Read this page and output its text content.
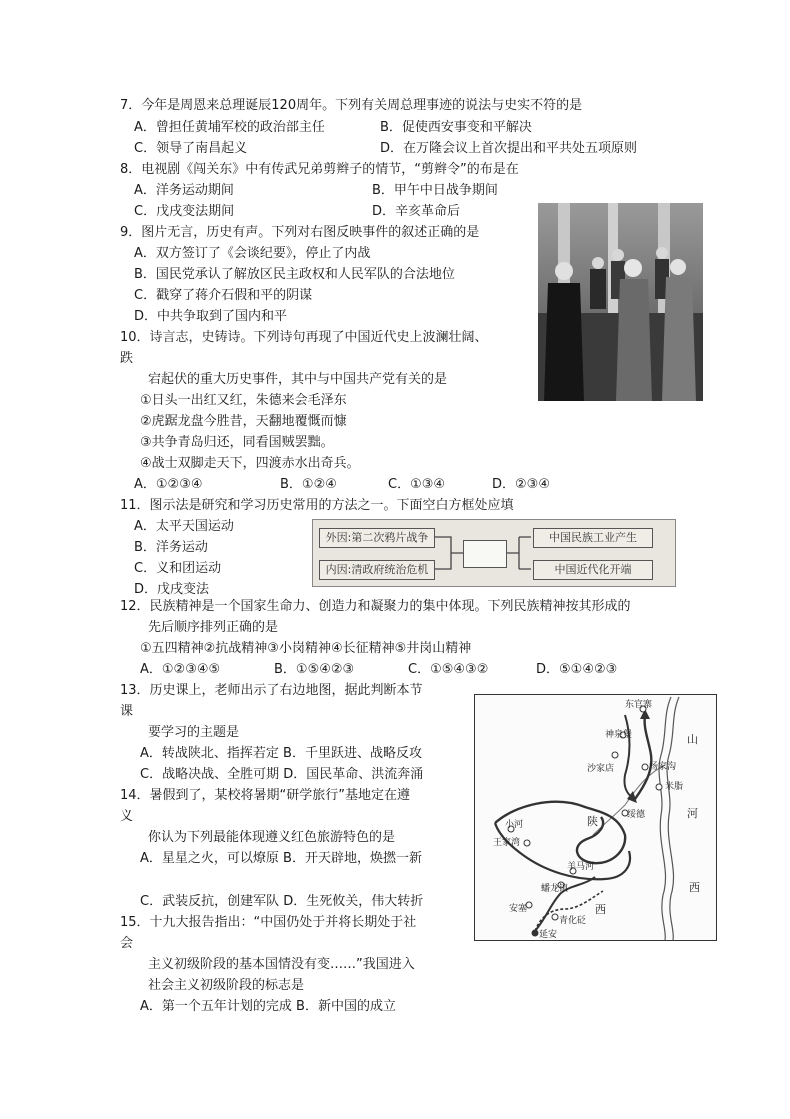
7．今年是周恩来总理诞辰120周年。下列有关周总理事迹的说法与史实不符的是
A．曾担任黄埔军校的政治部主任	B．促使西安事变和平解决
C．领导了南昌起义	D．在万隆会议上首次提出和平共处五项原则
8．电视剧《闯关东》中有传武兄弟剪辫子的情节，“剪辫令”的布是在
A．洋务运动期间	B．甲午中日战争期间
C．戊戌变法期间	D．辛亥革命后
9．图片无言，历史有声。下列对右图反映事件的叙述正确的是
A．双方签订了《会谈纪要》，停止了内战
B．国民党承认了解放区民主政权和人民军队的合法地位
C．戳穿了蒋介石假和平的阴谋
D．中共争取到了国内和平
10．诗言志，史铸诗。下列诗句再现了中国近代史上波澜壮阔、
跌
宕起伏的重大历史事件，其中与中国共产党有关的是
①日头一出红又红，朱德来会毛泽东
②虎踞龙盘今胜昔，天翻地覆慨而慷
③共争青岛归还，同看国贼罢黜。
④战士双脚走天下，四渡赤水出奇兵。
A．①②③④	B．①②④	C．①③④	D．②③④
11．图示法是研究和学习历史常用的方法之一。下面空白方框处应填
A．太平天国运动
B．洋务运动
C．义和团运动
D．戊戌变法
外因:第二次鸦片战争
内因:清政府统治危机
中国民族工业产生
中国近代化开端
12．民族精神是一个国家生命力、创造力和凝聚力的集中体现。下列民族精神按其形成的
先后顺序排列正确的是
①五四精神②抗战精神③小岗精神④长征精神⑤井岗山精神
A．①②③④⑤	B．①⑤④②③	C．①⑤④③②	D．⑤①④②③
13．历史课上，老师出示了右边地图，据此判断本节
课
要学习的主题是
A．转战陕北、指挥若定 B．千里跃进、战略反攻
C．战略决战、全胜可期 D．国民革命、洪流奔涌
14．暑假到了，某校将暑期“研学旅行”基地定在遵
义
你认为下列最能体现遵义红色旅游特色的是
A．星星之火，可以燎原 B．开天辟地，焕撚一新
C．武装反抗，创建军队 D．生死攸关，伟大转折
15．十九大报告指出：“中国仍处于并将长期处于社
会
主义初级阶段的基本国情没有变……”我国进入
社会主义初级阶段的标志是
A．第一个五年计划的完成 B．新中国的成立
东官寨
山
神泉堡
沙家店	杨家沟
米脂
绥德
陕
小河
王家湾
羊马河
蟠龙镇
安塞
青化砭
延安
西
西
河
